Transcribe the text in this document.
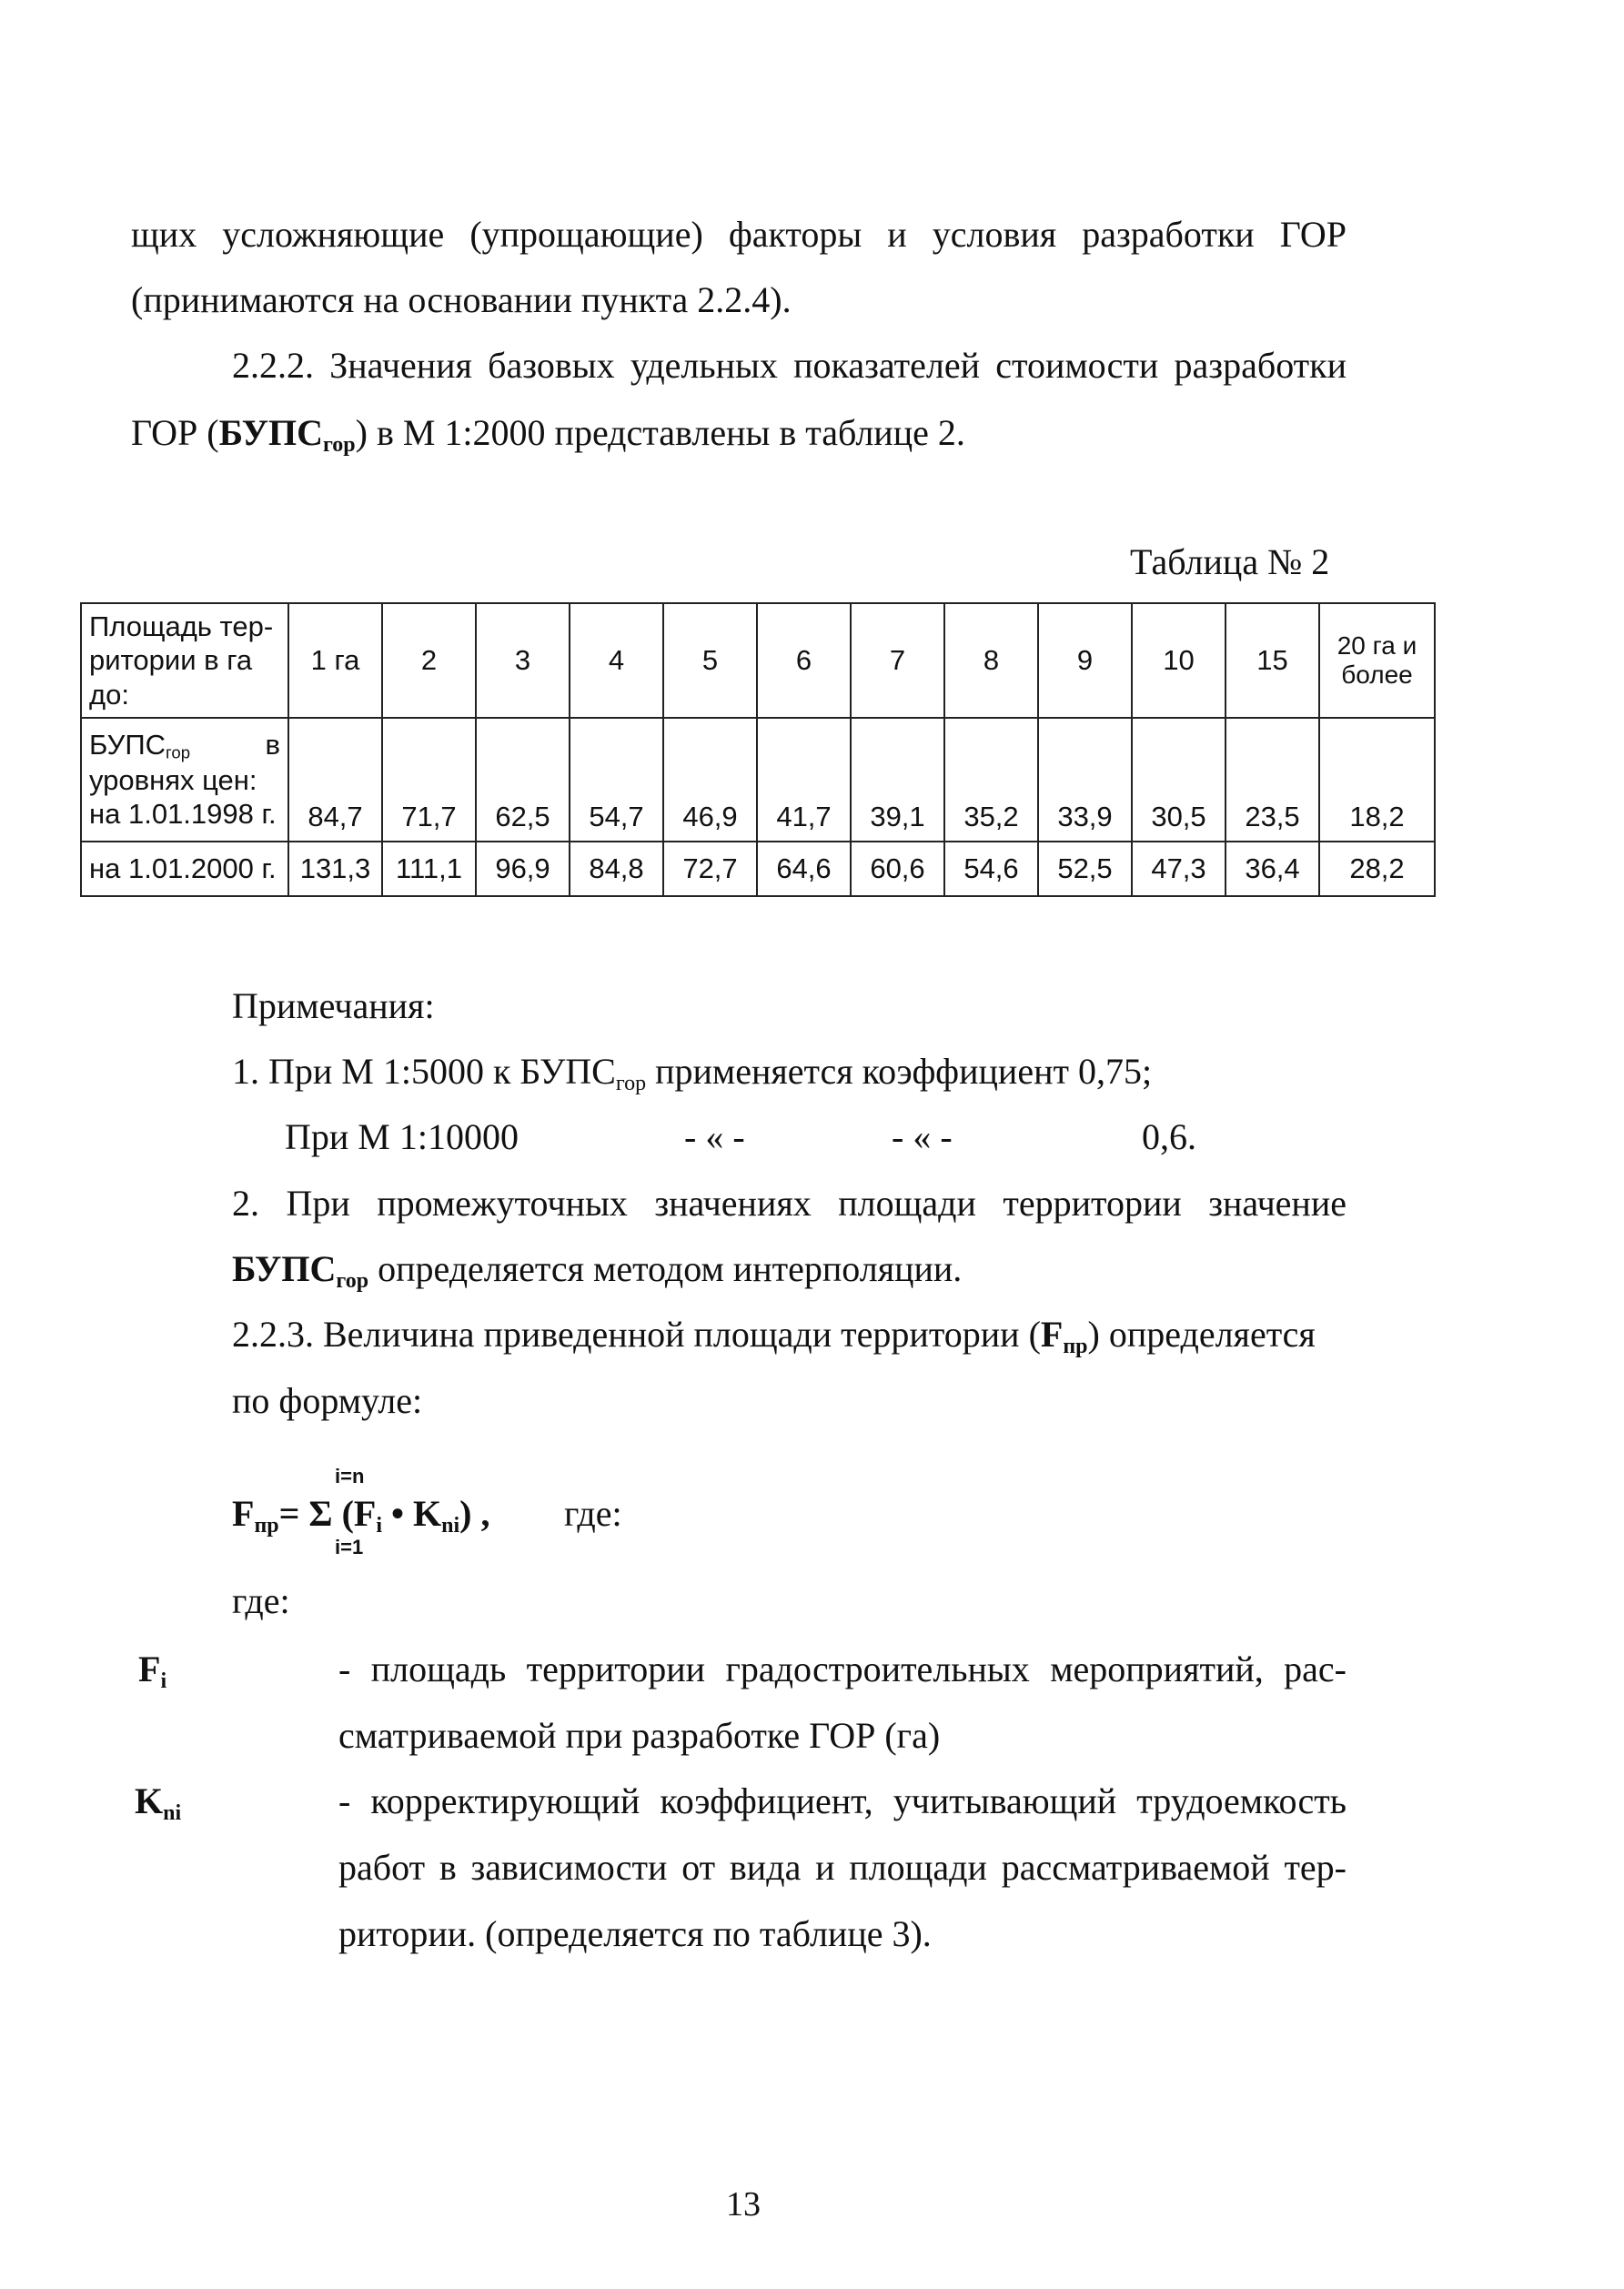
щих усложняющие (упрощающие) факторы и условия разработки ГОР
(принимаются на основании пункта 2.2.4).
2.2.2. Значения базовых удельных показателей стоимости разработки
ГОР $(БУПС_{гор})$ в М 1:2000 представлены в таблице 2.
Таблица № 2
Площадь тер-
ритории в га
до:	1 га	2	3	4	5	6	7	8	9	10	15	20 га и более

БУПСгор в
уровнях цен:
на 1.01.1998 г.	84,7	71,7	62,5	54,7	46,9	41,7	39,1	35,2	33,9	30,5	23,5	18,2
на 1.01.2000 г.	131,3	111,1	96,9	84,8	72,7	64,6	60,6	54,6	52,5	47,3	36,4	28,2
Примечания:
1. При М 1:5000 к $БУПС_{гор}$ применяется коэффициент 0,75;
При М 1:10000	- « -	- « -	0,6.
2. При промежуточных значениях площади территории значение
$БУПС_{гор}$ определяется методом интерполяции.
2.2.3. Величина приведенной площади территории $(F_{пр})$ определяется
по формуле:
i=n
$F_{пр}= \Sigma$ ($F_i$ • $K_{ni}$) ,
i=1
где:
где:
$F_i$	- площадь территории градостроительных мероприятий, рас-
сматриваемой при разработке ГОР (га)
$K_{ni}$	- корректирующий коэффициент, учитывающий трудоемкость
работ в зависимости от вида и площади рассматриваемой тер-
ритории. (определяется по таблице 3).
13
